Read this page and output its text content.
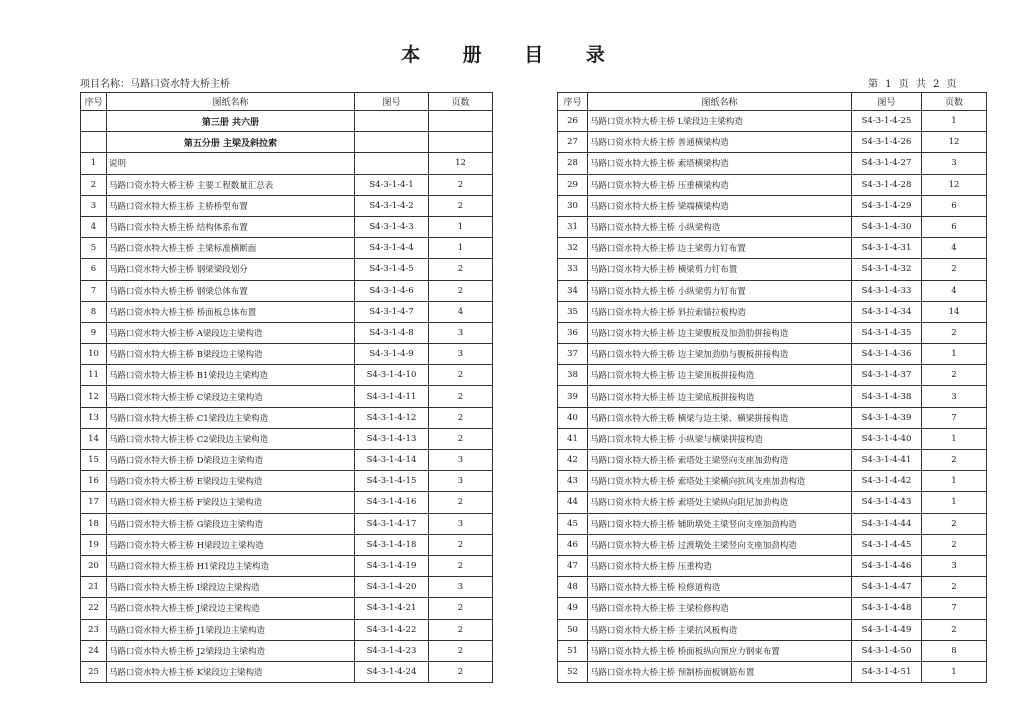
本 册 目 录
项目名称：马路口资水特大桥主桥	第 1 页 共 2 页
序号	图纸名称	图号	页数
	第三册 共六册		
	第五分册 主梁及斜拉索		
1	说明		12
2	马路口资水特大桥主桥 主要工程数量汇总表	S4-3-1-4-1	2
3	马路口资水特大桥主桥 主桥桥型布置	S4-3-1-4-2	2
4	马路口资水特大桥主桥 结构体系布置	S4-3-1-4-3	1
5	马路口资水特大桥主桥 主梁标准横断面	S4-3-1-4-4	1
6	马路口资水特大桥主桥 钢梁梁段划分	S4-3-1-4-5	2
7	马路口资水特大桥主桥 钢梁总体布置	S4-3-1-4-6	2
8	马路口资水特大桥主桥 桥面板总体布置	S4-3-1-4-7	4
9	马路口资水特大桥主桥 A梁段边主梁构造	S4-3-1-4-8	3
10	马路口资水特大桥主桥 B梁段边主梁构造	S4-3-1-4-9	3
11	马路口资水特大桥主桥 B1梁段边主梁构造	S4-3-1-4-10	2
12	马路口资水特大桥主桥 C梁段边主梁构造	S4-3-1-4-11	2
13	马路口资水特大桥主桥 C1梁段边主梁构造	S4-3-1-4-12	2
14	马路口资水特大桥主桥 C2梁段边主梁构造	S4-3-1-4-13	2
15	马路口资水特大桥主桥 D梁段边主梁构造	S4-3-1-4-14	3
16	马路口资水特大桥主桥 E梁段边主梁构造	S4-3-1-4-15	3
17	马路口资水特大桥主桥 F梁段边主梁构造	S4-3-1-4-16	2
18	马路口资水特大桥主桥 G梁段边主梁构造	S4-3-1-4-17	3
19	马路口资水特大桥主桥 H梁段边主梁构造	S4-3-1-4-18	2
20	马路口资水特大桥主桥 H1梁段边主梁构造	S4-3-1-4-19	2
21	马路口资水特大桥主桥 I梁段边主梁构造	S4-3-1-4-20	3
22	马路口资水特大桥主桥 J梁段边主梁构造	S4-3-1-4-21	2
23	马路口资水特大桥主桥 J1梁段边主梁构造	S4-3-1-4-22	2
24	马路口资水特大桥主桥 J2梁段边主梁构造	S4-3-1-4-23	2
25	马路口资水特大桥主桥 K梁段边主梁构造	S4-3-1-4-24	2
序号	图纸名称	图号	页数
26	马路口资水特大桥主桥 L梁段边主梁构造	S4-3-1-4-25	1
27	马路口资水特大桥主桥 普通横梁构造	S4-3-1-4-26	12
28	马路口资水特大桥主桥 索塔横梁构造	S4-3-1-4-27	3
29	马路口资水特大桥主桥 压重横梁构造	S4-3-1-4-28	12
30	马路口资水特大桥主桥 梁端横梁构造	S4-3-1-4-29	6
31	马路口资水特大桥主桥 小纵梁构造	S4-3-1-4-30	6
32	马路口资水特大桥主桥 边主梁剪力钉布置	S4-3-1-4-31	4
33	马路口资水特大桥主桥 横梁剪力钉布置	S4-3-1-4-32	2
34	马路口资水特大桥主桥 小纵梁剪力钉布置	S4-3-1-4-33	4
35	马路口资水特大桥主桥 斜拉索锚拉板构造	S4-3-1-4-34	14
36	马路口资水特大桥主桥 边主梁腹板及加劲肋拼接构造	S4-3-1-4-35	2
37	马路口资水特大桥主桥 边主梁加劲肋与腹板拼接构造	S4-3-1-4-36	1
38	马路口资水特大桥主桥 边主梁顶板拼接构造	S4-3-1-4-37	2
39	马路口资水特大桥主桥 边主梁底板拼接构造	S4-3-1-4-38	3
40	马路口资水特大桥主桥 横梁与边主梁、横梁拼接构造	S4-3-1-4-39	7
41	马路口资水特大桥主桥 小纵梁与横梁拼接构造	S4-3-1-4-40	1
42	马路口资水特大桥主桥 索塔处主梁竖向支座加劲构造	S4-3-1-4-41	2
43	马路口资水特大桥主桥 索塔处主梁横向抗风支座加劲构造	S4-3-1-4-42	1
44	马路口资水特大桥主桥 索塔处主梁纵向阻尼加劲构造	S4-3-1-4-43	1
45	马路口资水特大桥主桥 辅助墩处主梁竖向支座加劲构造	S4-3-1-4-44	2
46	马路口资水特大桥主桥 过渡墩处主梁竖向支座加劲构造	S4-3-1-4-45	2
47	马路口资水特大桥主桥 压重构造	S4-3-1-4-46	3
48	马路口资水特大桥主桥 检修道构造	S4-3-1-4-47	2
49	马路口资水特大桥主桥 主梁检修构造	S4-3-1-4-48	7
50	马路口资水特大桥主桥 主梁抗风板构造	S4-3-1-4-49	2
51	马路口资水特大桥主桥 桥面板纵向预应力钢束布置	S4-3-1-4-50	8
52	马路口资水特大桥主桥 预制桥面板钢筋布置	S4-3-1-4-51	1
